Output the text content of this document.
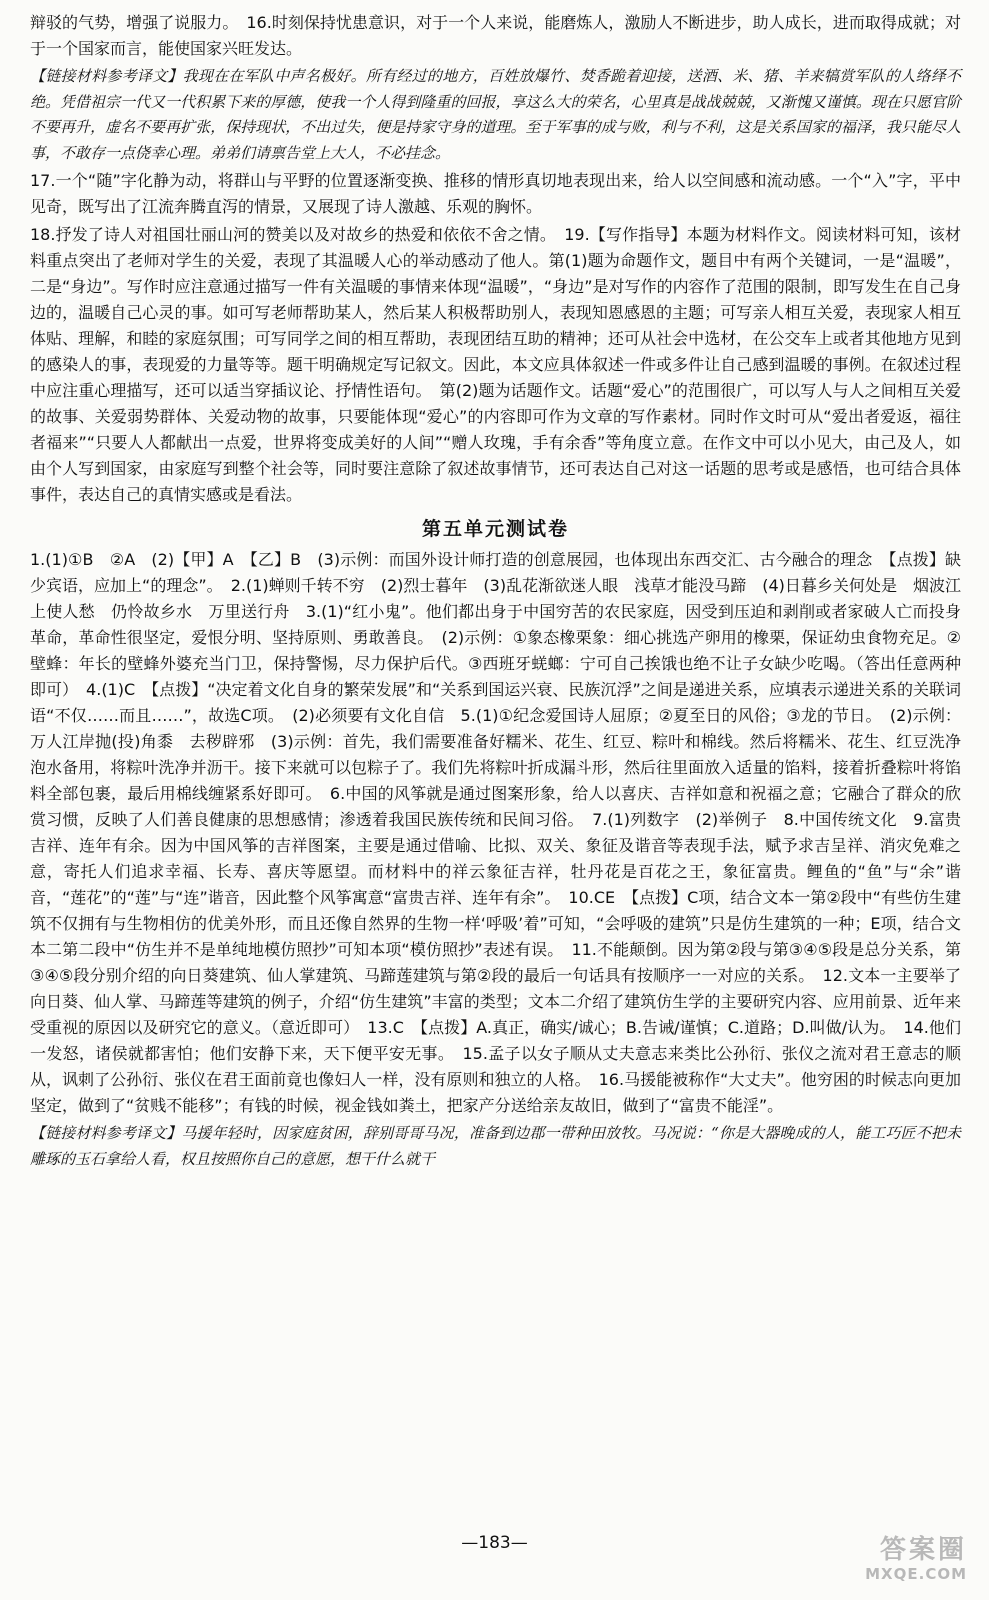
辩驳的气势，增强了说服力。　16.时刻保持忧患意识，对于一个人来说，能磨炼人，激励人不断进步，助人成长，进而取得成就；对于一个国家而言，能使国家兴旺发达。

【链接材料参考译文】我现在在军队中声名极好。所有经过的地方，百姓放爆竹、焚香跪着迎接，送酒、米、猪、羊来犒赏军队的人络绎不绝。凭借祖宗一代又一代积累下来的厚德，使我一个人得到隆重的回报，享这么大的荣名，心里真是战战兢兢，又渐愧又谨慎。现在只愿官阶不要再升，虚名不要再扩张，保持现状，不出过失，便是持家守身的道理。至于军事的成与败，利与不利，这是关系国家的福泽，我只能尽人事，不敢存一点侥幸心理。弟弟们请禀告堂上大人，不必挂念。

17.一个“随”字化静为动，将群山与平野的位置逐渐变换、推移的情形真切地表现出来，给人以空间感和流动感。一个“入”字，平中见奇，既写出了江流奔腾直泻的情景，又展现了诗人激越、乐观的胸怀。

18.抒发了诗人对祖国壮丽山河的赞美以及对故乡的热爱和依依不舍之情。　19.【写作指导】本题为材料作文。阅读材料可知，该材料重点突出了老师对学生的关爱，表现了其温暖人心的举动感动了他人。第(1)题为命题作文，题目中有两个关键词，一是“温暖”，二是“身边”。写作时应注意通过描写一件有关温暖的事情来体现“温暖”，“身边”是对写作的内容作了范围的限制，即写发生在自己身边的，温暖自己心灵的事。如可写老师帮助某人，然后某人积极帮助别人，表现知恩感恩的主题；可写亲人相互关爱，表现家人相互体贴、理解，和睦的家庭氛围；可写同学之间的相互帮助，表现团结互助的精神；还可从社会中选材，在公交车上或者其他地方见到的感染人的事，表现爱的力量等等。题干明确规定写记叙文。因此，本文应具体叙述一件或多件让自己感到温暖的事例。在叙述过程中应注重心理描写，还可以适当穿插议论、抒情性语句。　第(2)题为话题作文。话题“爱心”的范围很广，可以写人与人之间相互关爱的故事、关爱弱势群体、关爱动物的故事，只要能体现“爱心”的内容即可作为文章的写作素材。同时作文时可从“爱出者爱返，福往者福来”“只要人人都献出一点爱，世界将变成美好的人间”“赠人玫瑰，手有余香”等角度立意。在作文中可以小见大，由己及人，如由个人写到国家，由家庭写到整个社会等，同时要注意除了叙述故事情节，还可表达自己对这一话题的思考或是感悟，也可结合具体事件，表达自己的真情实感或是看法。

第五单元测试卷

1.(1)①B　②A　(2)【甲】A　【乙】B　(3)示例：而国外设计师打造的创意展园，也体现出东西交汇、古今融合的理念　【点拨】缺少宾语，应加上“的理念”。　2.(1)蝉则千转不穷　(2)烈士暮年　(3)乱花渐欲迷人眼　浅草才能没马蹄　(4)日暮乡关何处是　烟波江上使人愁　仍怜故乡水　万里送行舟　3.(1)“红小鬼”。他们都出身于中国穷苦的农民家庭，因受到压迫和剥削或者家破人亡而投身革命，革命性很坚定，爱恨分明、坚持原则、勇敢善良。　(2)示例：①象态橡栗象：细心挑选产卵用的橡栗，保证幼虫食物充足。②壁蜂：年长的壁蜂外婆充当门卫，保持警惕，尽力保护后代。③西班牙蜣螂：宁可自己挨饿也绝不让子女缺少吃喝。（答出任意两种即可）　4.(1)C　【点拨】“决定着文化自身的繁荣发展”和“关系到国运兴衰、民族沉浮”之间是递进关系，应填表示递进关系的关联词语“不仅……而且……”，故选C项。　(2)必须要有文化自信　5.(1)①纪念爱国诗人屈原；②夏至日的风俗；③龙的节日。　(2)示例：万人江岸抛(投)角黍　去秽辟邪　(3)示例：首先，我们需要准备好糯米、花生、红豆、粽叶和棉线。然后将糯米、花生、红豆洗净泡水备用，将粽叶洗净并沥干。接下来就可以包粽子了。我们先将粽叶折成漏斗形，然后往里面放入适量的馅料，接着折叠粽叶将馅料全部包裹，最后用棉线缠紧系好即可。　6.中国的风筝就是通过图案形象，给人以喜庆、吉祥如意和祝福之意；它融合了群众的欣赏习惯，反映了人们善良健康的思想感情；渗透着我国民族传统和民间习俗。　7.(1)列数字　(2)举例子　8.中国传统文化　9.富贵吉祥、连年有余。因为中国风筝的吉祥图案，主要是通过借喻、比拟、双关、象征及谐音等表现手法，赋予求吉呈祥、消灾免难之意，寄托人们追求幸福、长寿、喜庆等愿望。而材料中的祥云象征吉祥，牡丹花是百花之王，象征富贵。鲤鱼的“鱼”与“余”谐音，“莲花”的“莲”与“连”谐音，因此整个风筝寓意“富贵吉祥、连年有余”。　10.CE　【点拨】C项，结合文本一第②段中“有些仿生建筑不仅拥有与生物相仿的优美外形，而且还像自然界的生物一样‘呼吸’着”可知，“会呼吸的建筑”只是仿生建筑的一种；E项，结合文本二第二段中“仿生并不是单纯地模仿照抄”可知本项“模仿照抄”表述有误。　11.不能颠倒。因为第②段与第③④⑤段是总分关系，第③④⑤段分别介绍的向日葵建筑、仙人掌建筑、马蹄莲建筑与第②段的最后一句话具有按顺序一一对应的关系。　12.文本一主要举了向日葵、仙人掌、马蹄莲等建筑的例子，介绍“仿生建筑”丰富的类型；文本二介绍了建筑仿生学的主要研究内容、应用前景、近年来受重视的原因以及研究它的意义。（意近即可）　13.C　【点拨】A.真正，确实/诚心；B.告诫/谨慎；C.道路；D.叫做/认为。　14.他们一发怒，诸侯就都害怕；他们安静下来，天下便平安无事。　15.孟子以女子顺从丈夫意志来类比公孙衍、张仪之流对君王意志的顺从，讽刺了公孙衍、张仪在君王面前竟也像妇人一样，没有原则和独立的人格。　16.马援能被称作“大丈夫”。他穷困的时候志向更加坚定，做到了“贫贱不能移”；有钱的时候，视金钱如粪土，把家产分送给亲友故旧，做到了“富贵不能淫”。

【链接材料参考译文】马援年轻时，因家庭贫困，辞别哥哥马况，准备到边郡一带种田放牧。马况说：“你是大器晚成的人，能工巧匠不把未雕琢的玉石拿给人看，权且按照你自己的意愿，想干什么就干

—183—	答案圈
MXQE.COM
